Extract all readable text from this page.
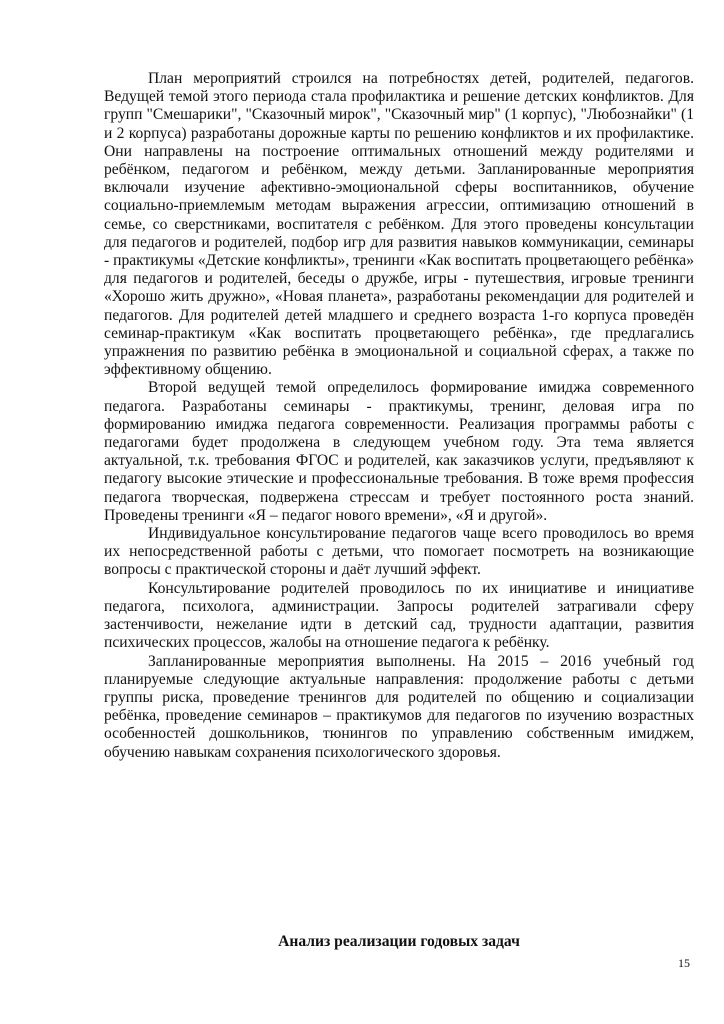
План мероприятий строился на потребностях детей, родителей, педагогов. Ведущей темой этого периода стала профилактика и решение детских конфликтов. Для групп "Смешарики", "Сказочный мирок", "Сказочный мир" (1 корпус), "Любознайки" (1 и 2 корпуса) разработаны дорожные карты по решению конфликтов и их профилактике. Они направлены на построение оптимальных отношений между родителями и ребёнком, педагогом и ребёнком, между детьми. Запланированные мероприятия включали изучение афективно-эмоциональной сферы воспитанников, обучение социально-приемлемым методам выражения агрессии, оптимизацию отношений в семье, со сверстниками, воспитателя с ребёнком. Для этого проведены консультации для педагогов и родителей, подбор игр для развития навыков коммуникации, семинары - практикумы «Детские конфликты», тренинги «Как воспитать процветающего ребёнка» для педагогов и родителей, беседы о дружбе, игры - путешествия, игровые тренинги «Хорошо жить дружно», «Новая планета», разработаны рекомендации для родителей и педагогов. Для родителей детей младшего и среднего возраста 1-го корпуса проведён семинар-практикум «Как воспитать процветающего ребёнка», где предлагались упражнения по развитию ребёнка в эмоциональной и социальной сферах, а также по эффективному общению.

Второй ведущей темой определилось формирование имиджа современного педагога. Разработаны семинары - практикумы, тренинг, деловая игра по формированию имиджа педагога современности. Реализация программы работы с педагогами будет продолжена в следующем учебном году. Эта тема является актуальной, т.к. требования ФГОС и родителей, как заказчиков услуги, предъявляют к педагогу высокие этические и профессиональные требования. В тоже время профессия педагога творческая, подвержена стрессам и требует постоянного роста знаний. Проведены тренинги «Я – педагог нового времени», «Я и другой».

Индивидуальное консультирование педагогов чаще всего проводилось во время их непосредственной работы с детьми, что помогает посмотреть на возникающие вопросы с практической стороны и даёт лучший эффект.

Консультирование родителей проводилось по их инициативе и инициативе педагога, психолога, администрации. Запросы родителей затрагивали сферу застенчивости, нежелание идти в детский сад, трудности адаптации, развития психических процессов, жалобы на отношение педагога к ребёнку.

Запланированные мероприятия выполнены. На 2015 – 2016 учебный год планируемые следующие актуальные направления: продолжение работы с детьми группы риска, проведение тренингов для родителей по общению и социализации ребёнка, проведение семинаров – практикумов для педагогов по изучению возрастных особенностей дошкольников, тюнингов по управлению собственным имиджем, обучению навыкам сохранения психологического здоровья.

Анализ реализации годовых задач
15
